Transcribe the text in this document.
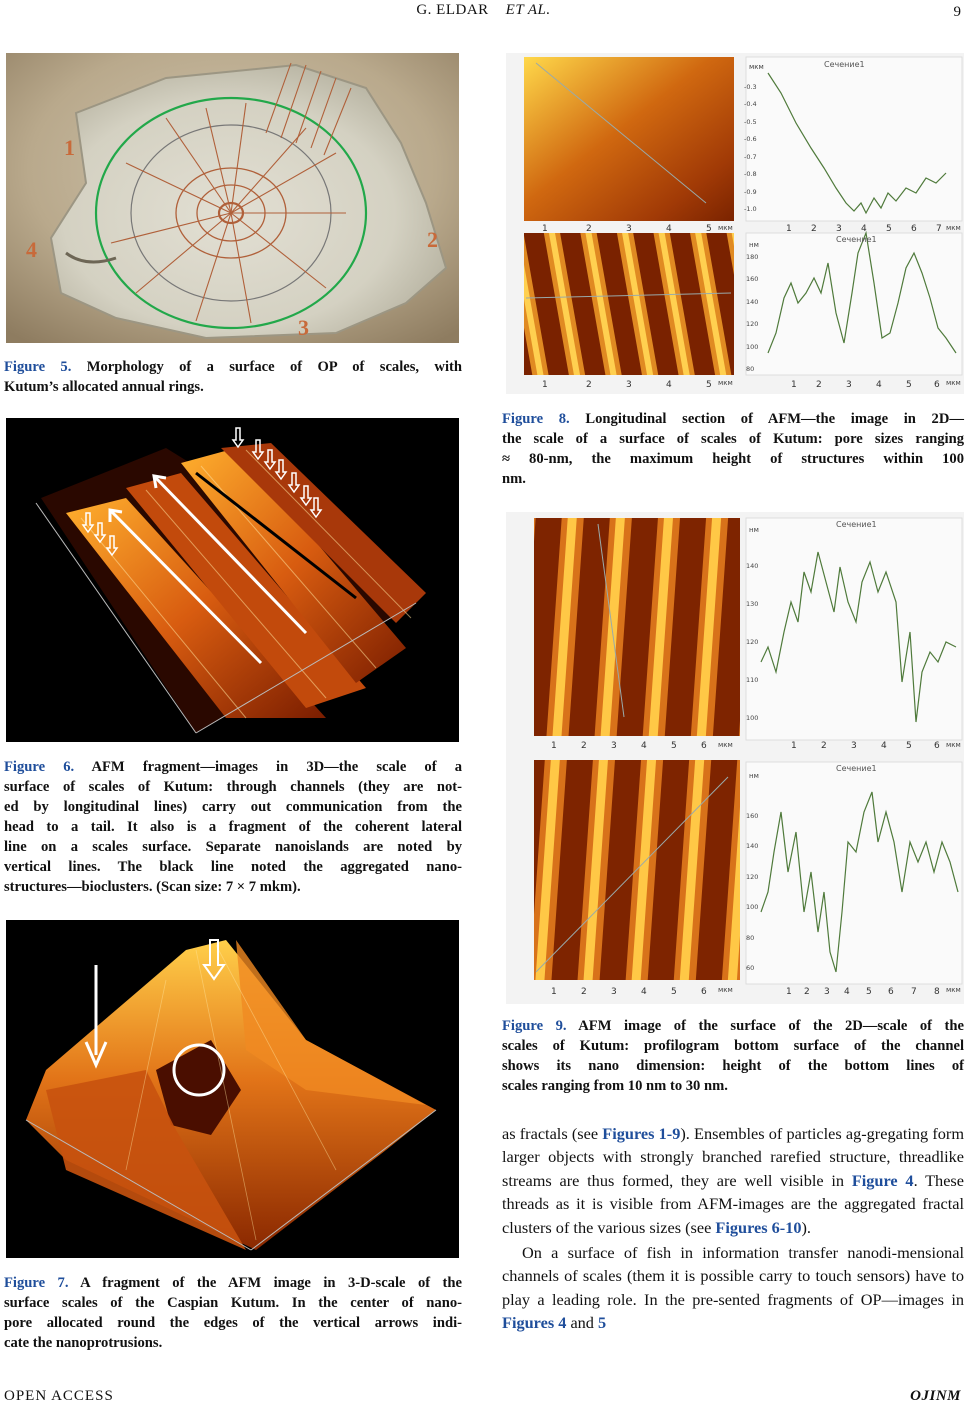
G. ELDAR ET AL.	9
1
2
3
4
Figure 5. Morphology of a surface of OP of scales, with
Kutum’s allocated annual rings.
Figure 6. AFM fragment—images in 3D—the scale of a
surface of scales of Kutum: through channels (they are not-
ed by longitudinal lines) carry out communication from the
head to a tail. It also is a fragment of the coherent lateral
line on a scales surface. Separate nanoislands are noted by
vertical lines. The black line noted the aggregated nano-
structures—bioclusters. (Scan size: 7 × 7 mkm).
Figure 7. A fragment of the AFM image in 3-D-scale of the
surface scales of the Caspian Kutum. In the center of nano-
pore allocated round the edges of the vertical arrows indi-
cate the nanoprotrusions.
1	2	3	4	5
1	2	3	4	5
1 2 3 4 5 6 7
1 2	3	4	5 6
Сечение1
Сечение1
мкм	мкм
мкм	мкм
мкм
нм
-1.0
-0.9
-0.8
-0.7
-0.6
-0.5
-0.4
-0.3
80
100
120
140
160
180
Figure 8. Longitudinal section of AFM—the image in 2D—
the scale of a surface of scales of Kutum: pore sizes ranging
≈ 80-nm, the maximum height of structures within 100
nm.
1	2	3	4	5	6
1	2	3	4	5	6
1	2	3	4 5 6
1 2 3 4 5 6 7 8
Сечение1
Сечение1
мкм	мкм
мкм	мкм
нм
нм
100
110
120
130
140
60
80
100
120
140
160
Figure 9. AFM image of the surface of the 2D—scale of the
scales of Kutum: profilogram bottom surface of the channel
shows its nano dimension: height of the bottom lines of
scales ranging from 10 nm to 30 nm.

as fractals (see Figures 1-9). Ensembles of particles ag-gregating form larger objects with strongly branched rarefied structure, threadlike streams are thus formed, they are well visible in Figure 4. These threads as it is visible from AFM-images are the aggregated fractal clusters of the various sizes (see Figures 6-10).

On a surface of fish in information transfer nanodi-mensional channels of scales (them it is possible carry to touch sensors) have to play a leading role. In the pre-sented fragments of OP—images in Figures 4 and 5

OPEN ACCESS	OJINM
